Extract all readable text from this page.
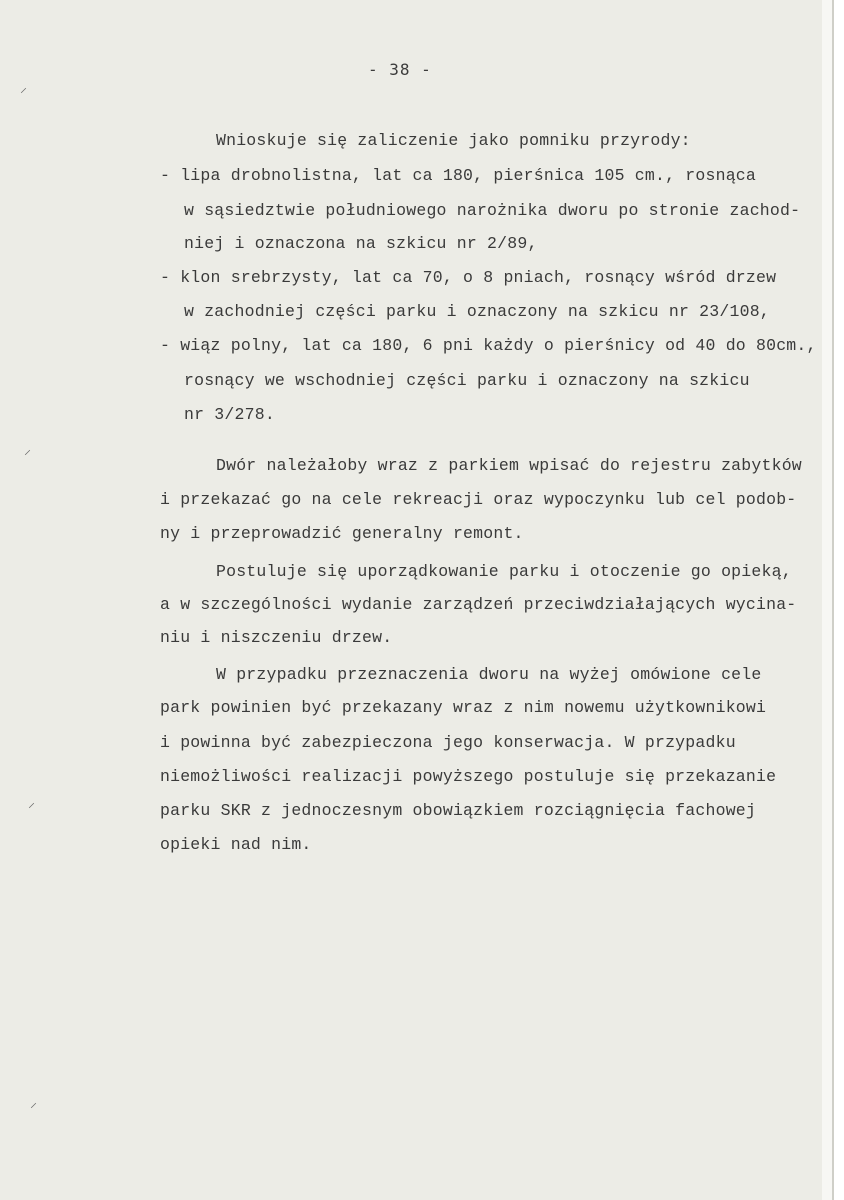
⸝
⸝
⸝
⸝
- 38 -
Wnioskuje się zaliczenie jako pomniku przyrody:
- lipa drobnolistna, lat ca 180, pierśnica 105 cm., rosnąca
w sąsiedztwie południowego narożnika dworu po stronie zachod-
niej i oznaczona na szkicu nr 2/89,
- klon srebrzysty, lat ca 70, o 8 pniach, rosnący wśród drzew
w zachodniej części parku i oznaczony na szkicu nr 23/108,
- wiąz polny, lat ca 180, 6 pni każdy o pierśnicy od 40 do 80cm.,
rosnący we wschodniej części parku i oznaczony na szkicu
nr 3/278.
Dwór należałoby wraz z parkiem wpisać do rejestru zabytków
i przekazać go na cele rekreacji oraz wypoczynku lub cel podob-
ny i przeprowadzić generalny remont.
Postuluje się uporządkowanie parku i otoczenie go opieką,
a w szczególności wydanie zarządzeń przeciwdziałających wycina-
niu i niszczeniu drzew.
W przypadku przeznaczenia dworu na wyżej omówione cele
park powinien być przekazany wraz z nim nowemu użytkownikowi
i powinna być zabezpieczona jego konserwacja. W przypadku
niemożliwości realizacji powyższego postuluje się przekazanie
parku SKR z jednoczesnym obowiązkiem rozciągnięcia fachowej
opieki nad nim.
